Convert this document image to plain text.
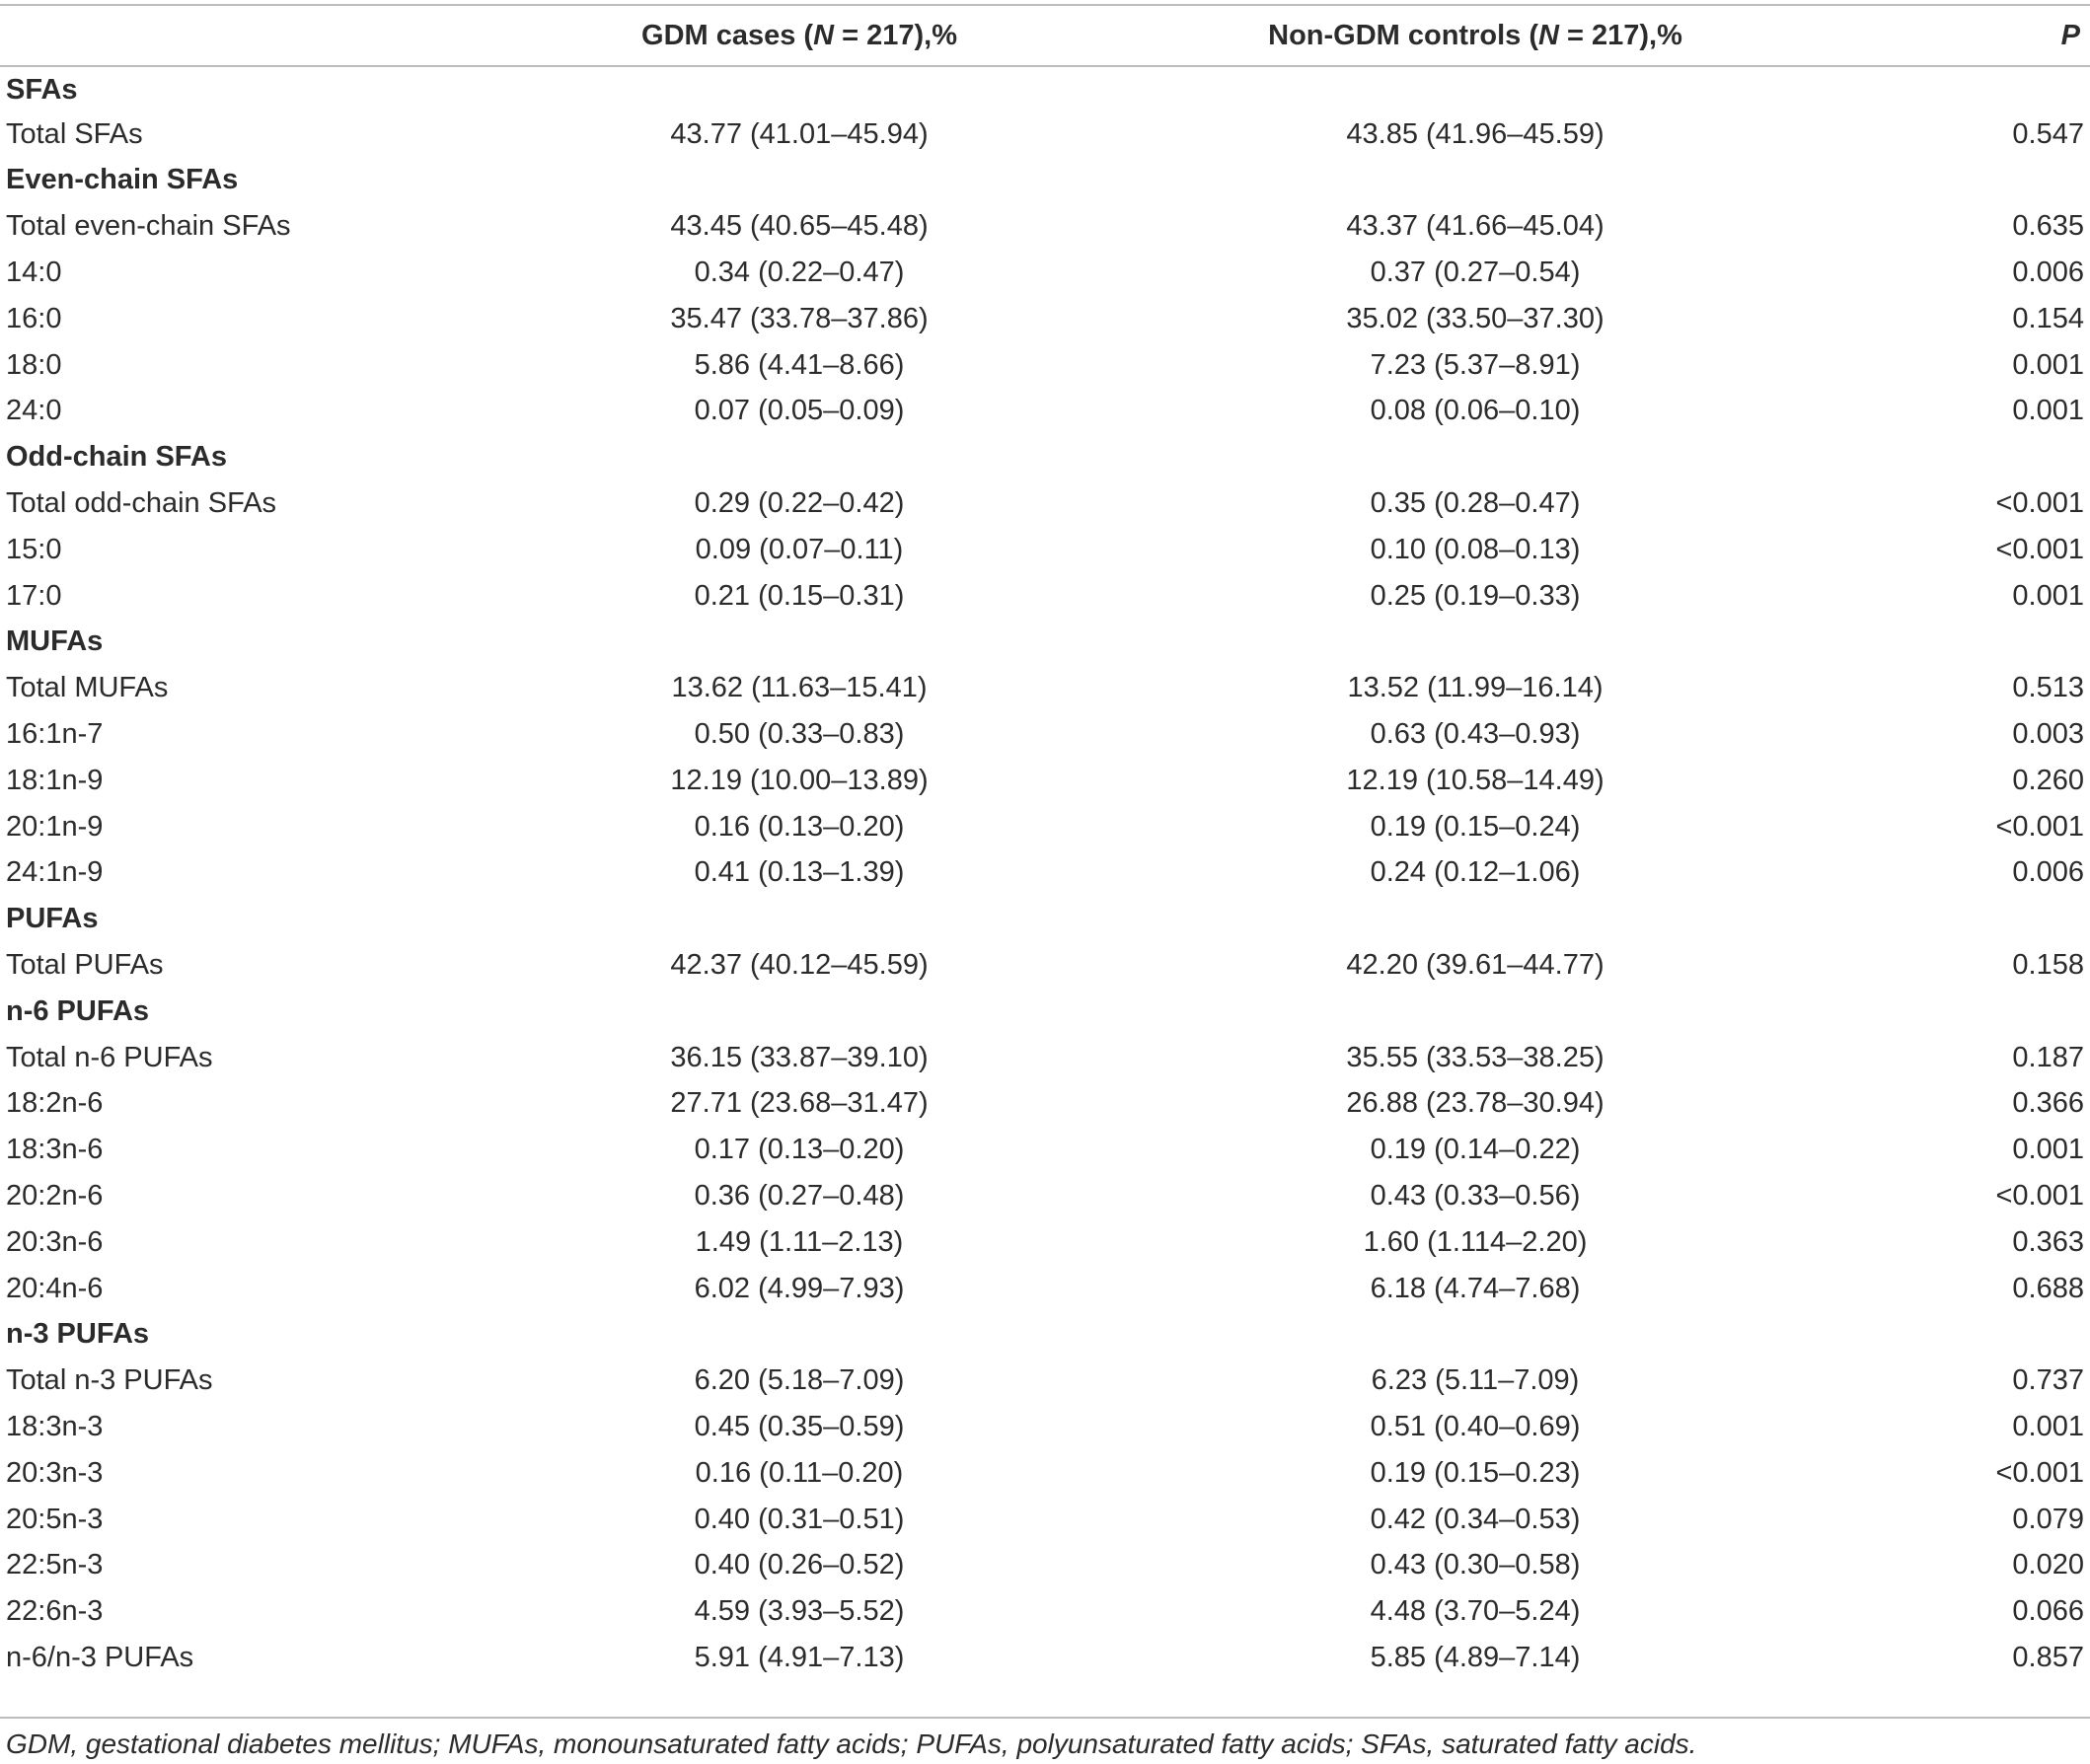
	GDM cases (N = 217),%	Non-GDM controls (N = 217),%	P
SFAs			
Total SFAs	43.77 (41.01–45.94)	43.85 (41.96–45.59)	0.547
Even-chain SFAs			
Total even-chain SFAs	43.45 (40.65–45.48)	43.37 (41.66–45.04)	0.635
14:0	0.34 (0.22–0.47)	0.37 (0.27–0.54)	0.006
16:0	35.47 (33.78–37.86)	35.02 (33.50–37.30)	0.154
18:0	5.86 (4.41–8.66)	7.23 (5.37–8.91)	0.001
24:0	0.07 (0.05–0.09)	0.08 (0.06–0.10)	0.001
Odd-chain SFAs			
Total odd-chain SFAs	0.29 (0.22–0.42)	0.35 (0.28–0.47)	<0.001
15:0	0.09 (0.07–0.11)	0.10 (0.08–0.13)	<0.001
17:0	0.21 (0.15–0.31)	0.25 (0.19–0.33)	0.001
MUFAs			
Total MUFAs	13.62 (11.63–15.41)	13.52 (11.99–16.14)	0.513
16:1n-7	0.50 (0.33–0.83)	0.63 (0.43–0.93)	0.003
18:1n-9	12.19 (10.00–13.89)	12.19 (10.58–14.49)	0.260
20:1n-9	0.16 (0.13–0.20)	0.19 (0.15–0.24)	<0.001
24:1n-9	0.41 (0.13–1.39)	0.24 (0.12–1.06)	0.006
PUFAs			
Total PUFAs	42.37 (40.12–45.59)	42.20 (39.61–44.77)	0.158
n-6 PUFAs			
Total n-6 PUFAs	36.15 (33.87–39.10)	35.55 (33.53–38.25)	0.187
18:2n-6	27.71 (23.68–31.47)	26.88 (23.78–30.94)	0.366
18:3n-6	0.17 (0.13–0.20)	0.19 (0.14–0.22)	0.001
20:2n-6	0.36 (0.27–0.48)	0.43 (0.33–0.56)	<0.001
20:3n-6	1.49 (1.11–2.13)	1.60 (1.114–2.20)	0.363
20:4n-6	6.02 (4.99–7.93)	6.18 (4.74–7.68)	0.688
n-3 PUFAs			
Total n-3 PUFAs	6.20 (5.18–7.09)	6.23 (5.11–7.09)	0.737
18:3n-3	0.45 (0.35–0.59)	0.51 (0.40–0.69)	0.001
20:3n-3	0.16 (0.11–0.20)	0.19 (0.15–0.23)	<0.001
20:5n-3	0.40 (0.31–0.51)	0.42 (0.34–0.53)	0.079
22:5n-3	0.40 (0.26–0.52)	0.43 (0.30–0.58)	0.020
22:6n-3	4.59 (3.93–5.52)	4.48 (3.70–5.24)	0.066
n-6/n-3 PUFAs	5.91 (4.91–7.13)	5.85 (4.89–7.14)	0.857
GDM, gestational diabetes mellitus; MUFAs, monounsaturated fatty acids; PUFAs, polyunsaturated fatty acids; SFAs, saturated fatty acids.
